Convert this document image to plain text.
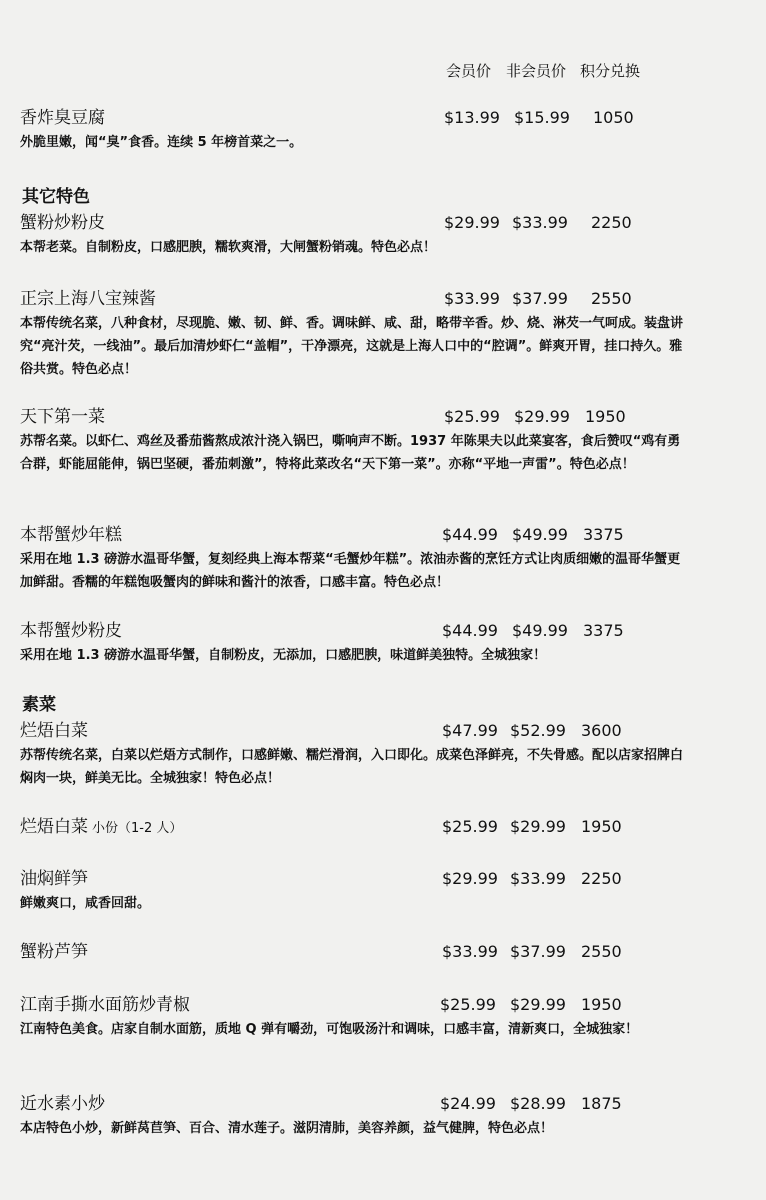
会员价 非会员价 积分兑换
香炸臭豆腐	$13.99 $15.99 1050
外脆里嫩，闻“臭”食香。连续 5 年榜首菜之一。
其它特色
蟹粉炒粉皮	$29.99 $33.99 2250
本帮老菜。自制粉皮，口感肥腴，糯软爽滑，大闸蟹粉销魂。特色必点！
正宗上海八宝辣酱	$33.99 $37.99 2550
本帮传统名菜，八种食材，尽现脆、嫩、韧、鲜、香。调味鲜、咸、甜，略带辛香。炒、烧、淋芡一气呵成。装盘讲究“亮汁芡，一线油”。最后加清炒虾仁“盖帽”，干净漂亮，这就是上海人口中的“腔调”。鲜爽开胃，挂口持久。雅俗共赏。特色必点！
天下第一菜	$25.99 $29.99 1950
苏帮名菜。以虾仁、鸡丝及番茄酱熬成浓汁浇入锅巴，嘶响声不断。1937 年陈果夫以此菜宴客，食后赞叹“鸡有勇合群，虾能屈能伸，锅巴坚硬，番茄刺激”，特将此菜改名“天下第一菜”。亦称“平地一声雷”。特色必点！
本帮蟹炒年糕	$44.99 $49.99 3375
采用在地 1.3 磅游水温哥华蟹，复刻经典上海本帮菜“毛蟹炒年糕”。浓油赤酱的烹饪方式让肉质细嫩的温哥华蟹更加鲜甜。香糯的年糕饱吸蟹肉的鲜味和酱汁的浓香，口感丰富。特色必点！
本帮蟹炒粉皮	$44.99 $49.99 3375
采用在地 1.3 磅游水温哥华蟹，自制粉皮，无添加，口感肥腴，味道鲜美独特。全城独家！
素菜
烂焐白菜	$47.99 $52.99 3600
苏帮传统名菜，白菜以烂焐方式制作，口感鲜嫩、糯烂滑润，入口即化。成菜色泽鲜亮，不失骨感。配以店家招牌白焖肉一块，鲜美无比。全城独家！特色必点！
烂焐白菜 小份（1-2 人）	$25.99 $29.99 1950
油焖鲜笋	$29.99 $33.99 2250
鲜嫩爽口，咸香回甜。
蟹粉芦笋	$33.99 $37.99 2550
江南手撕水面筋炒青椒	$25.99 $29.99 1950
江南特色美食。店家自制水面筋，质地 Q 弹有嚼劲，可饱吸汤汁和调味，口感丰富，清新爽口，全城独家！
近水素小炒	$24.99 $28.99 1875
本店特色小炒，新鲜莴苣笋、百合、清水莲子。滋阴清肺，美容养颜，益气健脾，特色必点！
